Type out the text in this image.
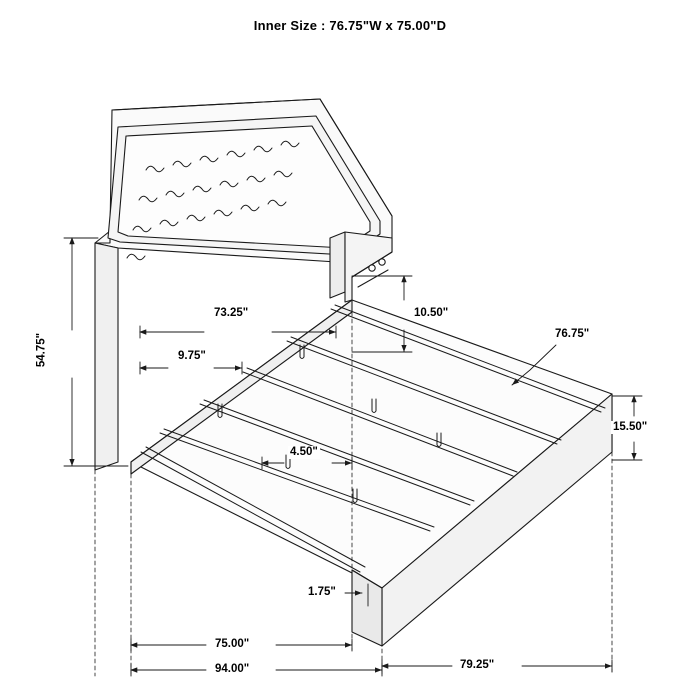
Inner Size : 76.75"W x 75.00"D
54.75"
73.25"
9.75"
10.50"
76.75"
15.50"
4.50"
1.75"
75.00"
94.00"	79.25"
